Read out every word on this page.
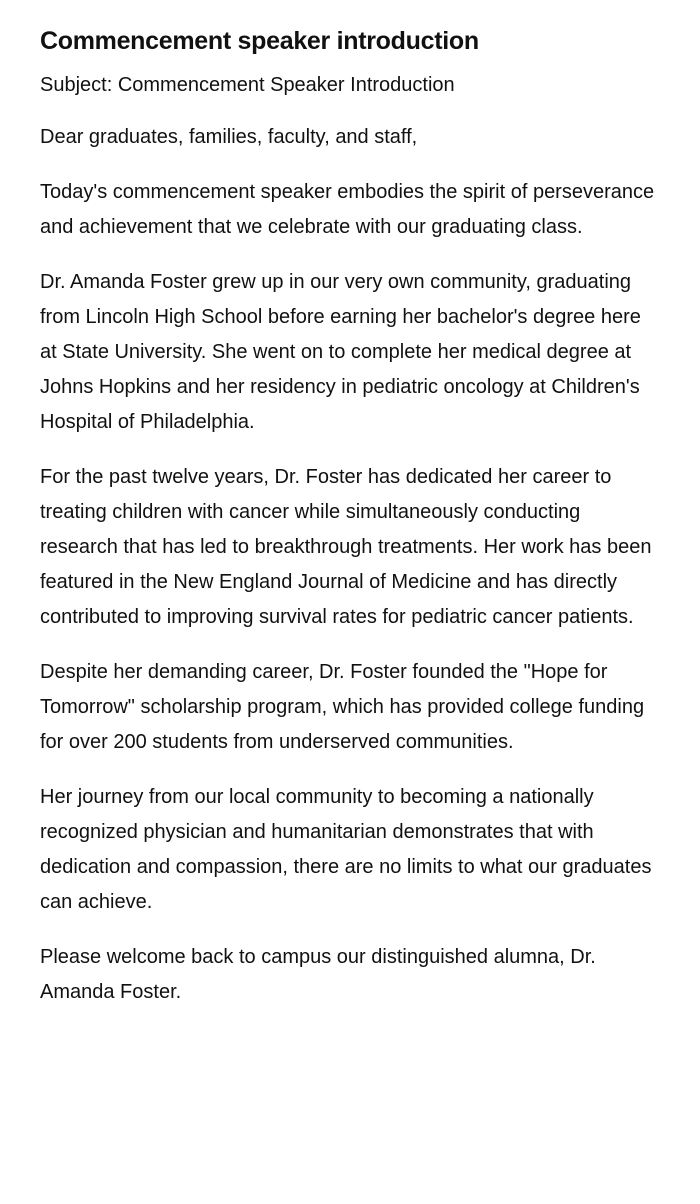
Commencement speaker introduction
Subject: Commencement Speaker Introduction

Dear graduates, families, faculty, and staff,

Today's commencement speaker embodies the spirit of perseverance and achievement that we celebrate with our graduating class.

Dr. Amanda Foster grew up in our very own community, graduating from Lincoln High School before earning her bachelor's degree here at State University. She went on to complete her medical degree at Johns Hopkins and her residency in pediatric oncology at Children's Hospital of Philadelphia.

For the past twelve years, Dr. Foster has dedicated her career to treating children with cancer while simultaneously conducting research that has led to breakthrough treatments. Her work has been featured in the New England Journal of Medicine and has directly contributed to improving survival rates for pediatric cancer patients.

Despite her demanding career, Dr. Foster founded the "Hope for Tomorrow" scholarship program, which has provided college funding for over 200 students from underserved communities.

Her journey from our local community to becoming a nationally recognized physician and humanitarian demonstrates that with dedication and compassion, there are no limits to what our graduates can achieve.

Please welcome back to campus our distinguished alumna, Dr. Amanda Foster.
